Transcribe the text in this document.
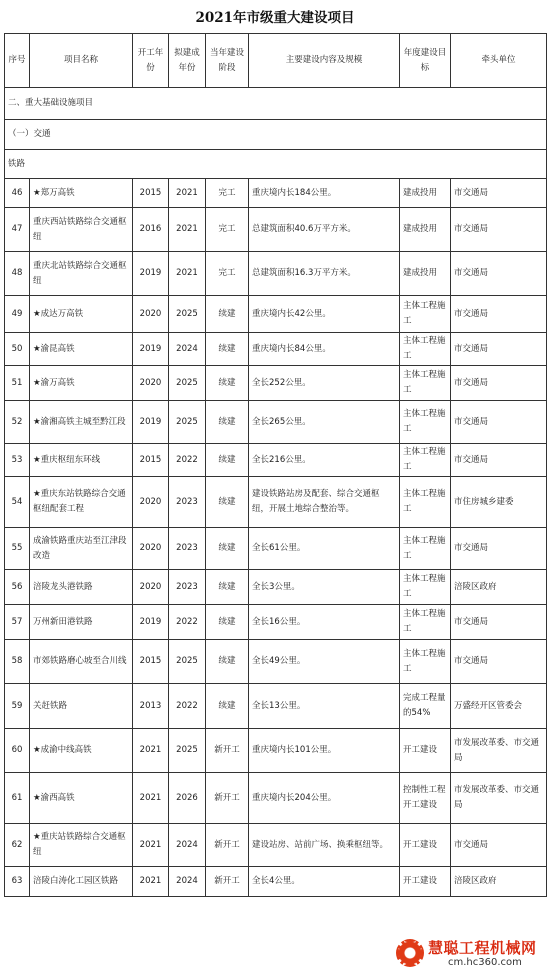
2021年市级重大建设项目
序号	项目名称	开工年份	拟建成年份	当年建设阶段	主要建设内容及规模	年度建设目标	牵头单位
二、重大基础设施项目							
（一）交通							
铁路							
46	★郑万高铁	2015	2021	完工	重庆境内长184公里。	建成投用	市交通局
47	重庆西站铁路综合交通枢纽	2016	2021	完工	总建筑面积40.6万平方米。	建成投用	市交通局
48	重庆北站铁路综合交通枢纽	2019	2021	完工	总建筑面积16.3万平方米。	建成投用	市交通局
49	★成达万高铁	2020	2025	续建	重庆境内长42公里。	主体工程施工	市交通局
50	★渝昆高铁	2019	2024	续建	重庆境内长84公里。	主体工程施工	市交通局
51	★渝万高铁	2020	2025	续建	全长252公里。	主体工程施工	市交通局
52	★渝湘高铁主城至黔江段	2019	2025	续建	全长265公里。	主体工程施工	市交通局
53	★重庆枢纽东环线	2015	2022	续建	全长216公里。	主体工程施工	市交通局
54	★重庆东站铁路综合交通枢纽配套工程	2020	2023	续建	建设铁路站房及配套、综合交通枢纽，开展土地综合整治等。	主体工程施工	市住房城乡建委
55	成渝铁路重庆站至江津段改造	2020	2023	续建	全长61公里。	主体工程施工	市交通局
56	涪陵龙头港铁路	2020	2023	续建	全长3公里。	主体工程施工	涪陵区政府
57	万州新田港铁路	2019	2022	续建	全长16公里。	主体工程施工	市交通局
58	市郊铁路磨心坡至合川线	2015	2025	续建	全长49公里。	主体工程施工	市交通局
59	关赶铁路	2013	2022	续建	全长13公里。	完成工程量的54%	万盛经开区管委会
60	★成渝中线高铁	2021	2025	新开工	重庆境内长101公里。	开工建设	市发展改革委、市交通局
61	★渝西高铁	2021	2026	新开工	重庆境内长204公里。	控制性工程开工建设	市发展改革委、市交通局
62	★重庆站铁路综合交通枢纽	2021	2024	新开工	建设站房、站前广场、换乘枢纽等。	开工建设	市交通局
63	涪陵白涛化工园区铁路	2021	2024	新开工	全长4公里。	开工建设	涪陵区政府
慧聪工程机械网
cm.hc360.com
